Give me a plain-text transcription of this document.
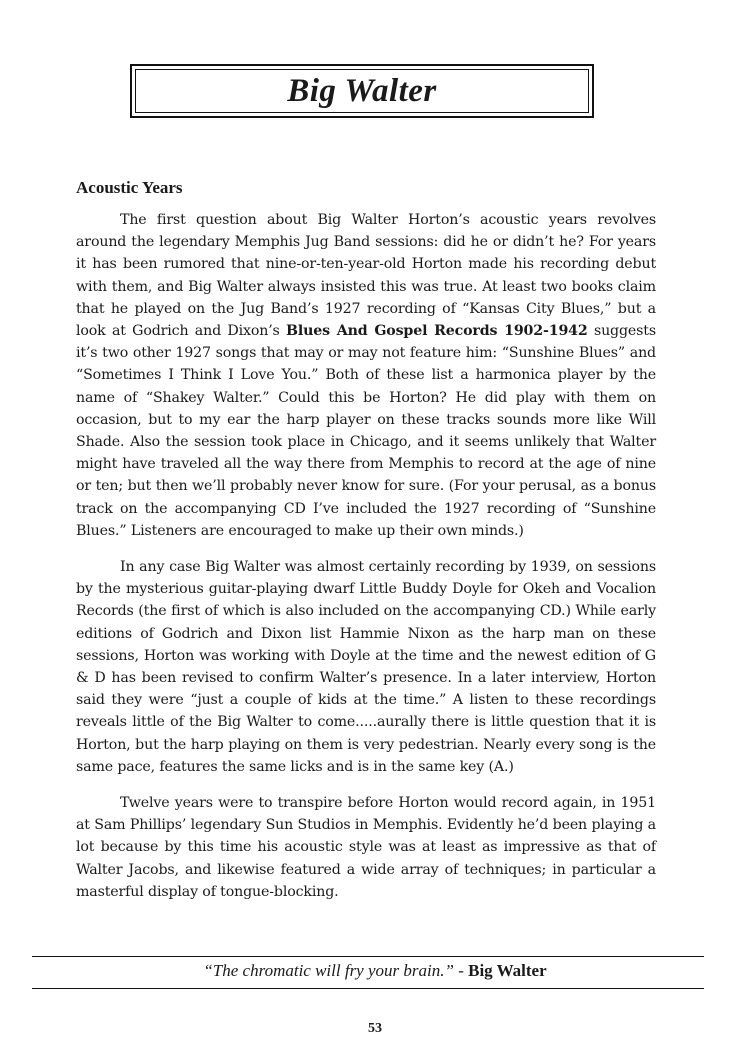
Big Walter
Acoustic Years

The first question about Big Walter Horton’s acoustic years revolves around the legendary Memphis Jug Band sessions: did he or didn’t he? For years it has been rumored that nine-or-ten-year-old Horton made his recording debut with them, and Big Walter always insisted this was true. At least two books claim that he played on the Jug Band’s 1927 recording of “Kansas City Blues,” but a look at Godrich and Dixon’s Blues And Gospel Records 1902-1942 suggests it’s two other 1927 songs that may or may not feature him: “Sunshine Blues” and “Sometimes I Think I Love You.” Both of these list a harmonica player by the name of “Shakey Walter.” Could this be Horton? He did play with them on occasion, but to my ear the harp player on these tracks sounds more like Will Shade. Also the session took place in Chicago, and it seems unlikely that Walter might have traveled all the way there from Memphis to record at the age of nine or ten; but then we’ll probably never know for sure. (For your perusal, as a bonus track on the accompanying CD I’ve included the 1927 recording of “Sunshine Blues.” Listeners are encouraged to make up their own minds.)

In any case Big Walter was almost certainly recording by 1939, on sessions by the mysterious guitar-playing dwarf Little Buddy Doyle for Okeh and Vocalion Records (the first of which is also included on the accompanying CD.) While early editions of Godrich and Dixon list Hammie Nixon as the harp man on these sessions, Horton was working with Doyle at the time and the newest edition of G & D has been revised to confirm Walter’s presence. In a later interview, Horton said they were “just a couple of kids at the time.” A listen to these recordings reveals little of the Big Walter to come.....aurally there is little question that it is Horton, but the harp playing on them is very pedestrian. Nearly every song is the same pace, features the same licks and is in the same key (A.)

Twelve years were to transpire before Horton would record again, in 1951 at Sam Phillips’ legendary Sun Studios in Memphis. Evidently he’d been playing a lot because by this time his acoustic style was at least as impressive as that of Walter Jacobs, and likewise featured a wide array of techniques; in particular a masterful display of tongue-blocking.

“The chromatic will fry your brain.” - Big Walter
53
